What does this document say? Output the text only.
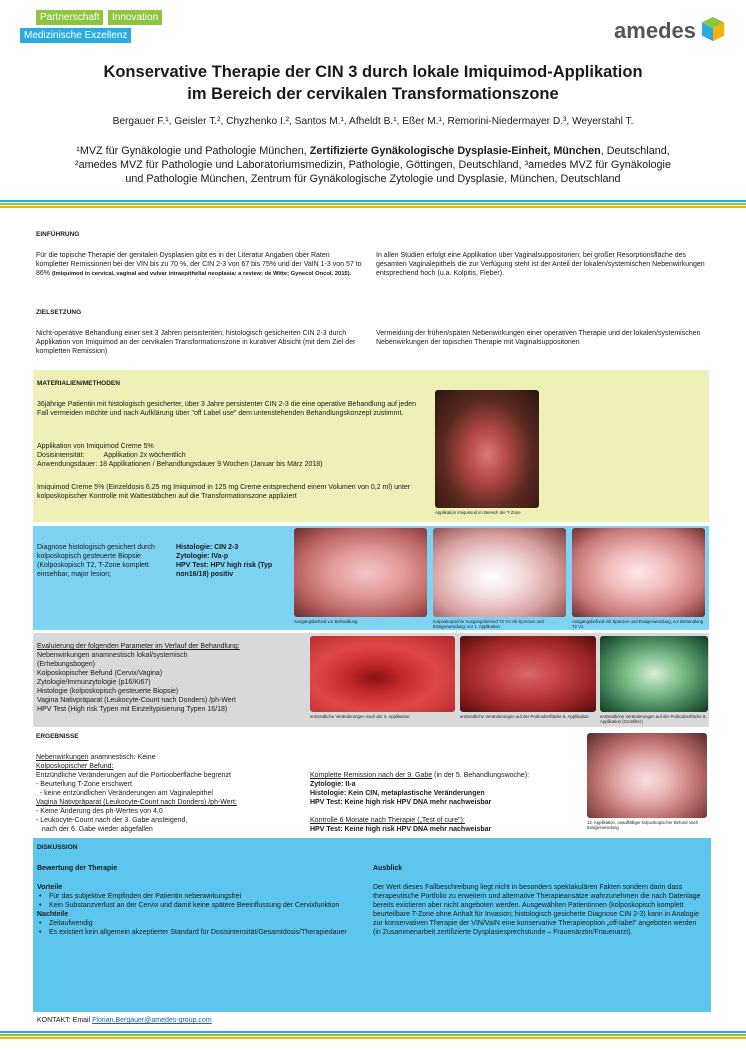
Partnerschaft	Innovation
Medizinische Exzellenz	amedes
Konservative Therapie der CIN 3 durch lokale Imiquimod-Applikation
im Bereich der cervikalen Transformationszone
Bergauer F.¹, Geisler T.², Chyzhenko I.², Santos M.¹, Afheldt B.¹, Eßer M.¹, Remorini-Niedermayer D.³, Weyerstahl T.
¹MVZ für Gynäkologie und Pathologie München, Zertifizierte Gynäkologische Dysplasie-Einheit, München, Deutschland,
²amedes MVZ für Pathologie und Laboratoriumsmedizin, Pathologie, Göttingen, Deutschland, ³amedes MVZ für Gynäkologie
und Pathologie München, Zentrum für Gynäkologische Zytologie und Dysplasie, München, Deutschland
EINFÜHRUNG
Für die topische Therapie der genitalen Dysplasien gibt es in der Literatur Angaben über Raten kompletter Remissionen bei der VIN bis zu 70 %, der CIN 2-3 von 67 bis 75% und der VaIN 1-3 von 57 to 86% (Imiquimod in cervical, vaginal and vulvar intraepithelial neoplasia: a review; de Witte; Gynecol Oncol. 2015).
In allen Studien erfolgt eine Applikation über Vaginalsuppositorien; bei großer Resorptionsfläche des gesamten Vaginalepithels die zur Verfügung steht ist der Anteil der lokalen/systemischen Nebenwirkungen entsprechend hoch (u.a. Kolpitis, Fieber).
ZIELSETZUNG
Nicht-operative Behandlung einer seit 3 Jahren persistenten, histologisch gesicherten CIN 2-3 durch Applikation von Imiquimod an der cervikalen Transformationszone in kurativer Absicht (mit dem Ziel der kompletten Remission)
Vermeidung der frühen/späten Nebenwirkungen einer operativen Therapie und der lokalen/systemischen Nebenwirkungen der topischen Therapie mit Vaginalsuppositorien
MATERIALIEN/METHODEN
36jährige Patientin mit histologisch gesicherter, über 3 Jahre persistenter CIN 2-3 die eine operative Behandlung auf jeden Fall vermeiden möchte und nach Aufklärung über "off Label use" dem untenstehenden Behandlungskonzept zustimmt.
Applikation von Imiquimod Creme 5%
Dosisintensität:          Applikation 2x wöchentlich
Anwendungsdauer: 18 Applikationen / Behandlungsdauer 9 Wochen (Januar bis März 2018)
Imiquimod Creme 5% (Einzeldosis 6,25 mg Imiquimod in 125 mg Creme entsprechend einem Volumen von 0,2 ml) unter kolposkopischer Kontrolle mit Wattestäbchen auf die Transformationszone appliziert
Applikation Imiquimod im Bereich der T-Zone
Diagnose histologisch gesichert durch kolposkopisch gesteuerte Biopsie (Kolposkopisch T2, T-Zone komplett einsehbar, major lesion;
Histologie: CIN 2-3
Zytologie: IVa-p
HPV Test: HPV high risk (Typ non16/18) positiv
Ausgangsbefund vor Behandlung	Kolposkopischer Ausgangsbefund T2 V1 mit Spreizen und Essigerwendung, vor 1. Applikation
Ausgangsbefund mit Spreizen und Essigerwendung, vor Behandlung T2 V1
Evaluierung der folgenden Parameter im Verlauf der Behandlung:
Nebenwirkungen anamnestisch lokal/systemisch
(Erhebungsbogen)
Kolposkopischer Befund (Cervix/Vagina)
Zytologie/Immunzytologie (p16/Ki67)
Histologie (kolposkopisch gesteuerte Biopsie)
Vagina Nativpräparat (Leukocyte-Count nach Donders) /ph-Wert
HPV Test (High risk Typen mit Einzeltypisierung Typen 16/18)
entzündliche Veränderungen nach der 3. Applikation	entzündliche Veränderungen auf der Portiooberfläche 8. Applikation	entzündliche Veränderungen auf der Portiooberfläche 8. Applikation (Grünfilter)
ERGEBNISSE
Nebenwirkungen anamnestisch: Keine
Kolposkopischer Befund:
Entzündliche Veränderungen auf die Portiooberfläche begrenzt
- Beurteilung T-Zone erschwert
- keine entzündlichen Veränderungen am Vaginalepithel
Vagina Nativpräparat (Leukocyte-Count nach Donders) /ph-Wert:
- Keine Änderung des ph-Wertes von 4,0
- Leukocyte-Count nach der 3. Gabe ansteigend,
nach der 6. Gabe wieder abgefallen
Komplette Remission nach der 9. Gabe (in der 5. Behandlungswoche):
Zytologie: II-a
Histologie: Kein CIN, metaplastische Veränderungen
HPV Test: Keine high risk HPV DNA mehr nachweisbar
Kontrolle 6 Monate nach Therapie („Test of cure"):
HPV Test: Keine high risk HPV DNA mehr nachweisbar
12. Applikation, unauffälliger kolposkopischer Befund nach Essigerwendung
DISKUSSION
Bewertung der Therapie
Vorteile
• Für das subjektive Empfinden der Patientin nebenwirkungsfrei
• Kein Substanzverlust an der Cervix und damit keine spätere Beeinflussung der Cervixfunktion
Nachteile
• Zeitaufwendig
• Es existiert kein allgemein akzeptierter Standard für Dosisintensität/Gesamtdosis/Therapiedauer
Ausblick
Der Wert dieses Fallbeschreibung liegt nicht in besonders spektakulären Fakten sondern darin dass therapeutische Portfolio zu erweitern und alternative Therapieansätze wahrzunehmen die nach Datenlage bereits existieren aber nicht angeboten werden. Ausgewählten Patientinnen (kolposkopisch komplett beurteilbare T-Zone ohne Anhalt für Invasion; histologisch gesicherte Diagnose CIN 2-3) kann in Analogie zur konservativen Therapie der VIN/VaIN eine konservative Therapieoption „off-label" angeboten werden
(in Zusammenarbeit zertifizierte Dysplasiesprechstunde – Frauenärztin/Frauenarzt).
KONTAKT: Email Florian.Bergauer@amedes-group.com
